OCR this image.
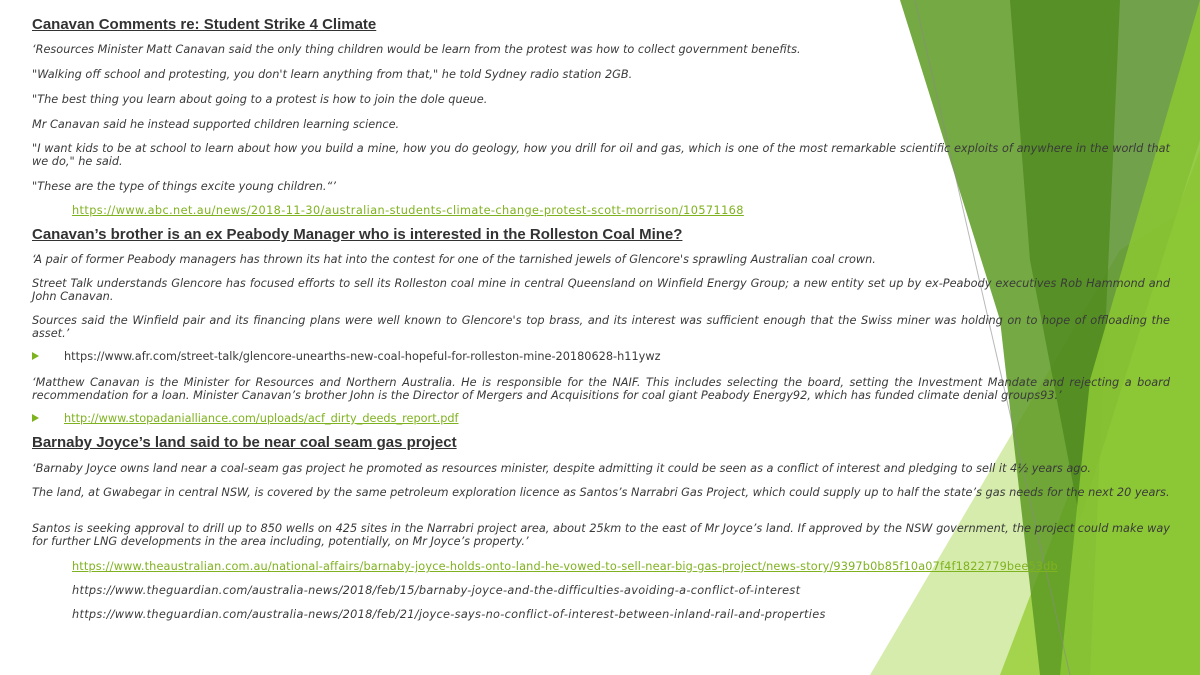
Canavan Comments re: Student Strike 4 Climate
‘Resources Minister Matt Canavan said the only thing children would be learn from the protest was how to collect government benefits.
"Walking off school and protesting, you don't learn anything from that," he told Sydney radio station 2GB.
"The best thing you learn about going to a protest is how to join the dole queue.
Mr Canavan said he instead supported children learning science.
"I want kids to be at school to learn about how you build a mine, how you do geology, how you drill for oil and gas, which is one of the most remarkable scientific exploits of anywhere in the world that we do," he said.
"These are the type of things excite young children.“’
https://www.abc.net.au/news/2018-11-30/australian-students-climate-change-protest-scott-morrison/10571168
Canavan’s brother is an ex Peabody Manager who is interested in the Rolleston Coal Mine?
‘A pair of former Peabody managers has thrown its hat into the contest for one of the tarnished jewels of Glencore's sprawling Australian coal crown.
Street Talk understands Glencore has focused efforts to sell its Rolleston coal mine in central Queensland on Winfield Energy Group; a new entity set up by ex-Peabody executives Rob Hammond and John Canavan.
Sources said the Winfield pair and its financing plans were well known to Glencore's top brass, and its interest was sufficient enough that the Swiss miner was holding on to hope of offloading the asset.’
https://www.afr.com/street-talk/glencore-unearths-new-coal-hopeful-for-rolleston-mine-20180628-h11ywz
‘Matthew Canavan is the Minister for Resources and Northern Australia. He is responsible for the NAIF. This includes selecting the board, setting the Investment Mandate and rejecting a board recommendation for a loan. Minister Canavan’s brother John is the Director of Mergers and Acquisitions for coal giant Peabody Energy92, which has funded climate denial groups93.’
http://www.stopadanialliance.com/uploads/acf_dirty_deeds_report.pdf
Barnaby Joyce’s land said to be near coal seam gas project
‘Barnaby Joyce owns land near a coal-seam gas project he promoted as resources minister, despite admitting it could be seen as a conflict of interest and pledging to sell it 4½ years ago.
The land, at Gwabegar in central NSW, is covered by the same petroleum exploration licence as Santos’s Narrabri Gas Project, which could supply up to half the state’s gas needs for the next 20 years.
Santos is seeking approval to drill up to 850 wells on 425 sites in the Narrabri project area, about 25km to the east of Mr Joyce’s land. If approved by the NSW government, the project could make way for further LNG developments in the area including, potentially, on Mr Joyce’s property.’
https://www.theaustralian.com.au/national-affairs/barnaby-joyce-holds-onto-land-he-vowed-to-sell-near-big-gas-project/news-story/9397b0b85f10a07f4f1822779bee53db
https://www.theguardian.com/australia-news/2018/feb/15/barnaby-joyce-and-the-difficulties-avoiding-a-conflict-of-interest
https://www.theguardian.com/australia-news/2018/feb/21/joyce-says-no-conflict-of-interest-between-inland-rail-and-properties
